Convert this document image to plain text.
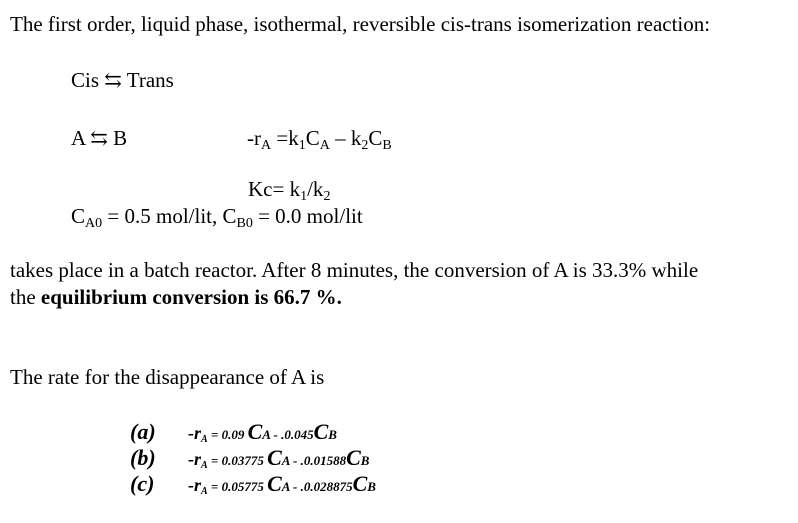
The first order, liquid phase, isothermal, reversible cis-trans isomerization reaction:
Cis ⇆ Trans
A ⇆ B	$-r_A =k_1C_A - k_2C_B$
$Kc= k_1/k_2$
$C_{A0} = 0.5$ mol/lit, $C_{B0} = 0.0$ mol/lit
takes place in a batch reactor. After 8 minutes, the conversion of A is 33.3% while
the equilibrium conversion is 66.7 %.
The rate for the disappearance of A is
(a) -rA = 0.09 CA - .0.045CB
(b) -rA = 0.03775 CA - .0.01588CB
(c) -rA = 0.05775 CA - .0.028875CB
